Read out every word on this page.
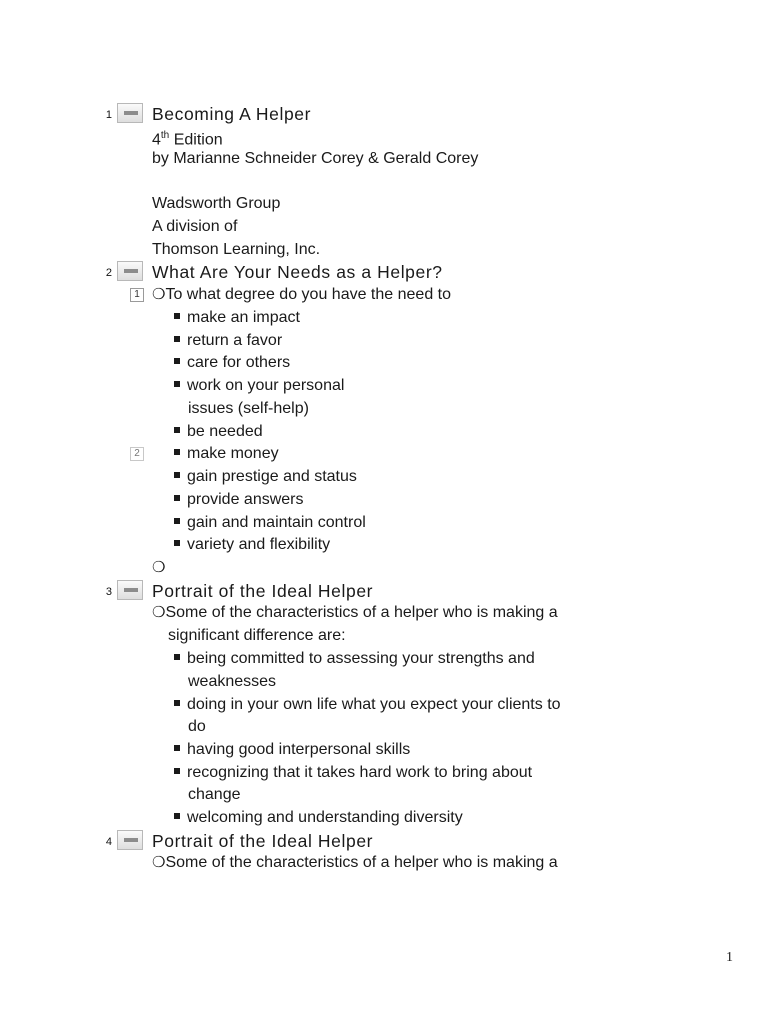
1 Becoming A Helper
4th Edition
by Marianne Schneider Corey & Gerald Corey
Wadsworth Group
A division of
Thomson Learning, Inc.
2 What Are Your Needs as a Helper?
1 ❍To what degree do you have the need to
make an impact
return a favor
care for others
work on your personal
issues (self-help)
be needed
2	make money
gain prestige and status
provide answers
gain and maintain control
variety and flexibility
❍
3 Portrait of the Ideal Helper
❍Some of the characteristics of a helper who is making a
significant difference are:
being committed to assessing your strengths and
weaknesses
doing in your own life what you expect your clients to
do
having good interpersonal skills
recognizing that it takes hard work to bring about
change
welcoming and understanding diversity
4 Portrait of the Ideal Helper
❍Some of the characteristics of a helper who is making a
1
